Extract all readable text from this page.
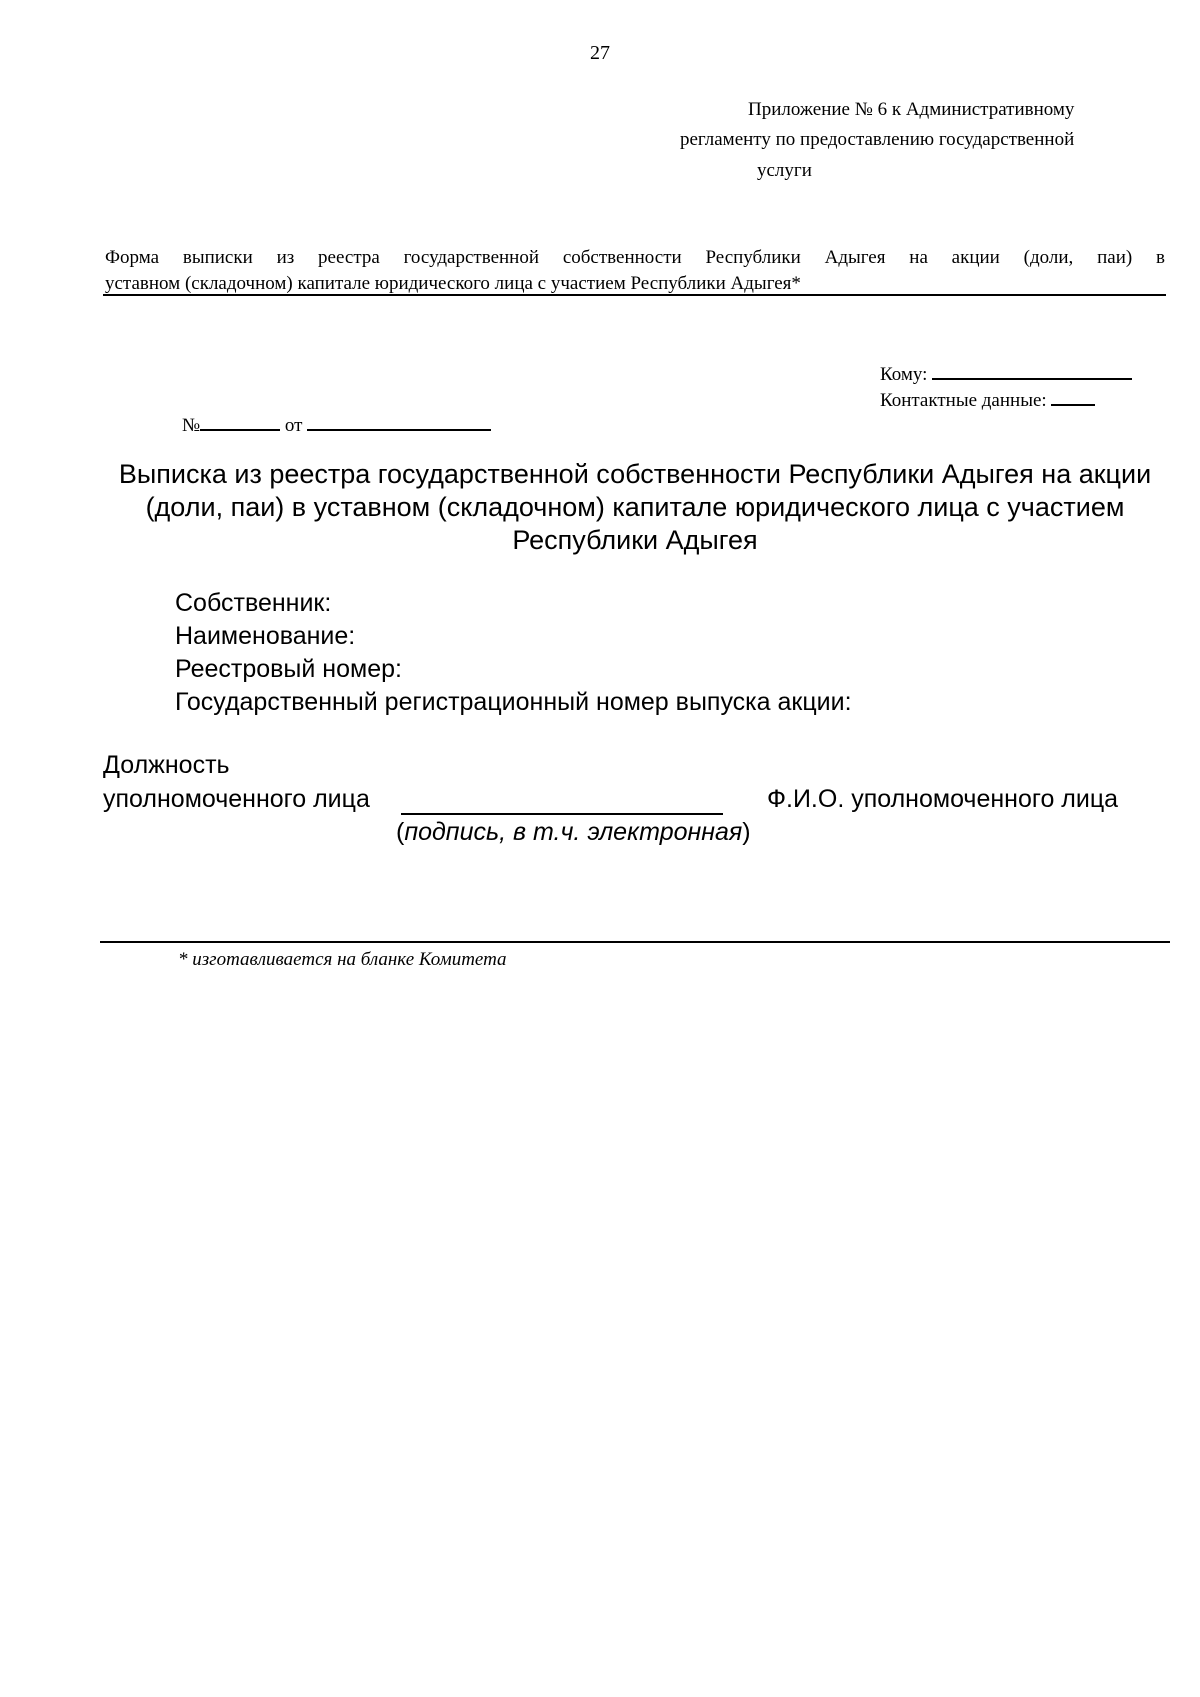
27
Приложение № 6 к Административному
регламенту по предоставлению государственной
услуги
Форма выписки из реестра государственной собственности Республики Адыгея на акции (доли, паи) в
уставном (складочном) капитале юридического лица с участием Республики Адыгея*
Кому:
Контактные данные:
№	от
Выписка из реестра государственной собственности Республики Адыгея на акции
(доли, паи) в уставном (складочном) капитале юридического лица с участием
Республики Адыгея
Собственник:
Наименование:
Реестровый номер:
Государственный регистрационный номер выпуска акции:
Должность
уполномоченного лица	Ф.И.О. уполномоченного лица
(подпись, в т.ч. электронная)
* изготавливается на бланке Комитета
